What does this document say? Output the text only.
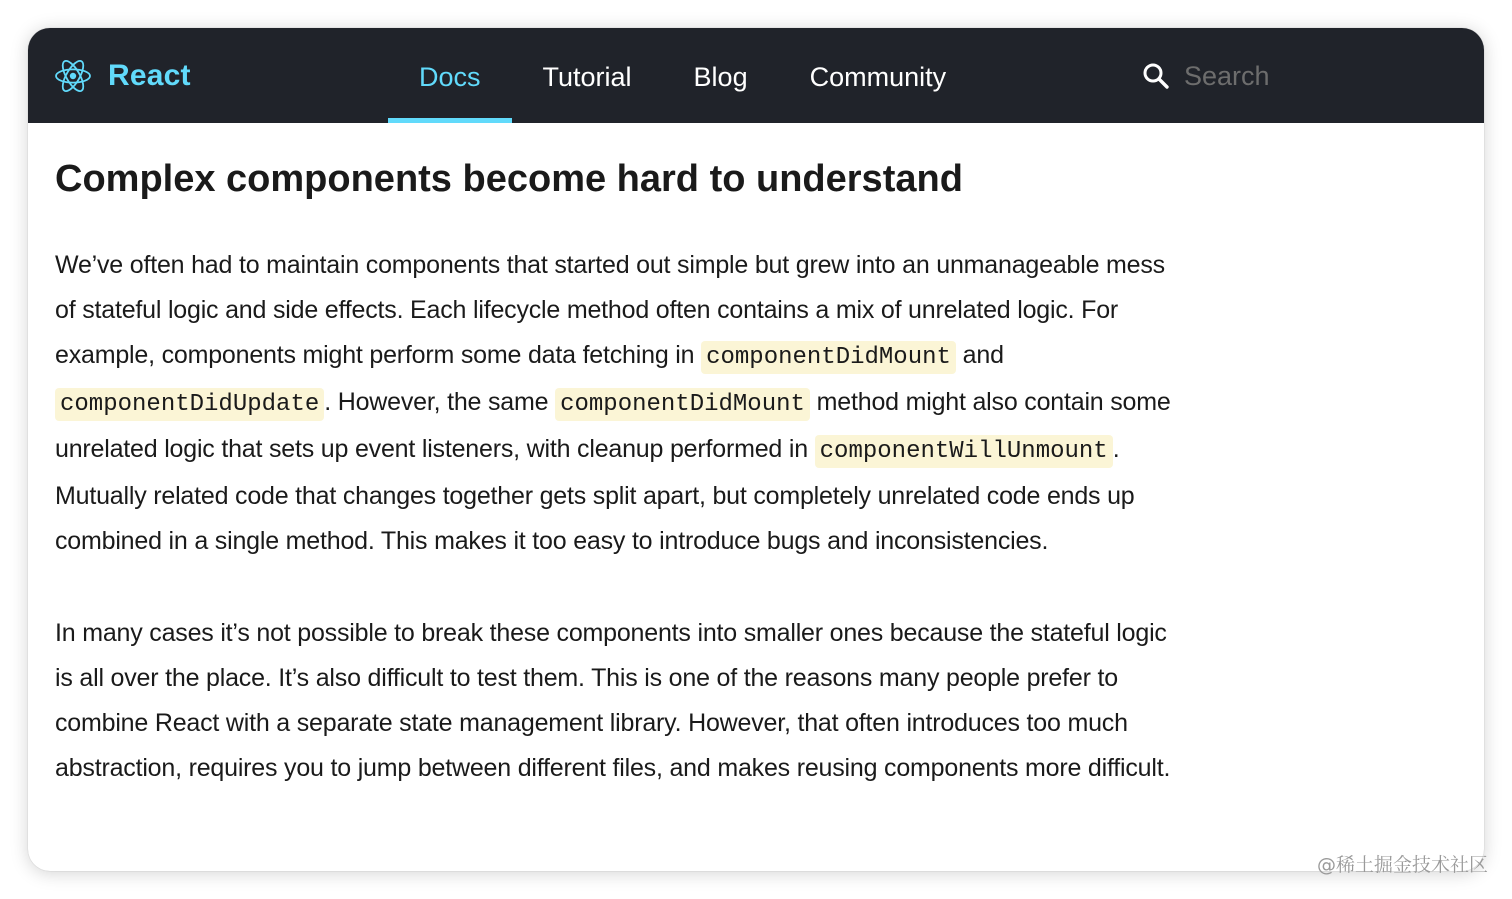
React	Docs	Tutorial	Blog	Community
Search
Complex components become hard to understand

We’ve often had to maintain components that started out simple but grew into an unmanageable mess of stateful logic and side effects. Each lifecycle method often contains a mix of unrelated logic. For example, components might perform some data fetching in componentDidMount and componentDidUpdate . However, the same componentDidMount method might also contain some unrelated logic that sets up event listeners, with cleanup performed in componentWillUnmount . Mutually related code that changes together gets split apart, but completely unrelated code ends up combined in a single method. This makes it too easy to introduce bugs and inconsistencies.

In many cases it’s not possible to break these components into smaller ones because the stateful logic is all over the place. It’s also difficult to test them. This is one of the reasons many people prefer to combine React with a separate state management library. However, that often introduces too much abstraction, requires you to jump between different files, and makes reusing components more difficult.

@稀土掘金技术社区
